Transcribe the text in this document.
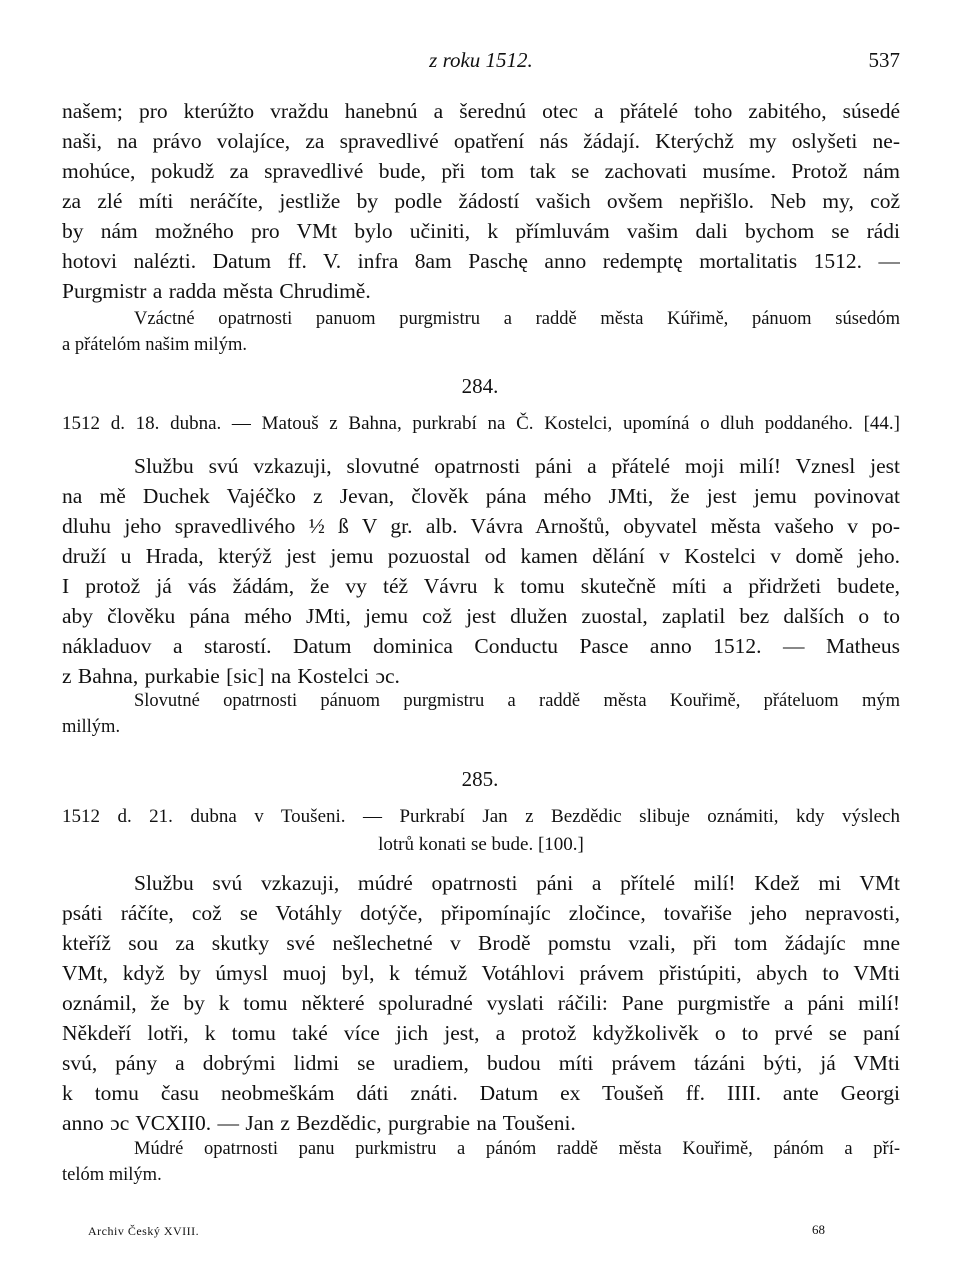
z roku 1512.	537
našem; pro kterúžto vraždu hanebnú a šerednú otec a přátelé toho zabitého, súsedé
naši, na právo volajíce, za spravedlivé opatření nás žádají. Kterýchž my oslyšeti ne-
mohúce, pokudž za spravedlivé bude, při tom tak se zachovati musíme. Protož nám
za zlé míti neráčíte, jestliže by podle žádostí vašich ovšem nepřišlo. Neb my, což
by nám možného pro VMt bylo učiniti, k přímluvám vašim dali bychom se rádi
hotovi nalézti. Datum ff. V. infra 8am Paschę anno redemptę mortalitatis 1512. —
Purgmistr a radda města Chrudimě.
Vzáctné opatrnosti panuom purgmistru a raddě města Kúřimě, pánuom súsedóm
a přátelóm našim milým.
284.
1512 d. 18. dubna. — Matouš z Bahna, purkrabí na Č. Kostelci, upomíná o dluh poddaného. [44.]
Službu svú vzkazuji, slovutné opatrnosti páni a přátelé moji milí! Vznesl jest
na mě Duchek Vajéčko z Jevan, člověk pána mého JMti, že jest jemu povinovat
dluhu jeho spravedlivého ½ ß V gr. alb. Vávra Arnoštů, obyvatel města vašeho v po-
druží u Hrada, kterýž jest jemu pozuostal od kamen dělání v Kostelci v domě jeho.
I protož já vás žádám, že vy též Vávru k tomu skutečně míti a přidržeti budete,
aby člověku pána mého JMti, jemu což jest dlužen zuostal, zaplatil bez dalších o to
nákladuov a starostí. Datum dominica Conductu Pasce anno 1512. — Matheus
z Bahna, purkabie [sic] na Kostelci ɔc.
Slovutné opatrnosti pánuom purgmistru a raddě města Kouřimě, přáteluom mým
millým.
285.
1512 d. 21. dubna v Toušeni. — Purkrabí Jan z Bezdědic slibuje oznámiti, kdy výslech
lotrů konati se bude. [100.]
Službu svú vzkazuji, múdré opatrnosti páni a přítelé milí! Kdež mi VMt
psáti ráčíte, což se Votáhly dotýče, připomínajíc zločince, tovařiše jeho nepravosti,
kteříž sou za skutky své nešlechetné v Brodě pomstu vzali, při tom žádajíc mne
VMt, když by úmysl muoj byl, k témuž Votáhlovi právem přistúpiti, abych to VMti
oznámil, že by k tomu některé spoluradné vyslati ráčili: Pane purgmistře a páni milí!
Někdeří lotři, k tomu také více jich jest, a protož kdyžkolivěk o to prvé se paní
svú, pány a dobrými lidmi se uradiem, budou míti právem tázáni býti, já VMti
k tomu času neobmeškám dáti znáti. Datum ex Toušeň ff. IIII. ante Georgi
anno ɔc VCXII0. — Jan z Bezdědic, purgrabie na Toušeni.
Múdré opatrnosti panu purkmistru a pánóm raddě města Kouřimě, pánóm a pří-
telóm milým.
Archiv Český XVIII.	68
